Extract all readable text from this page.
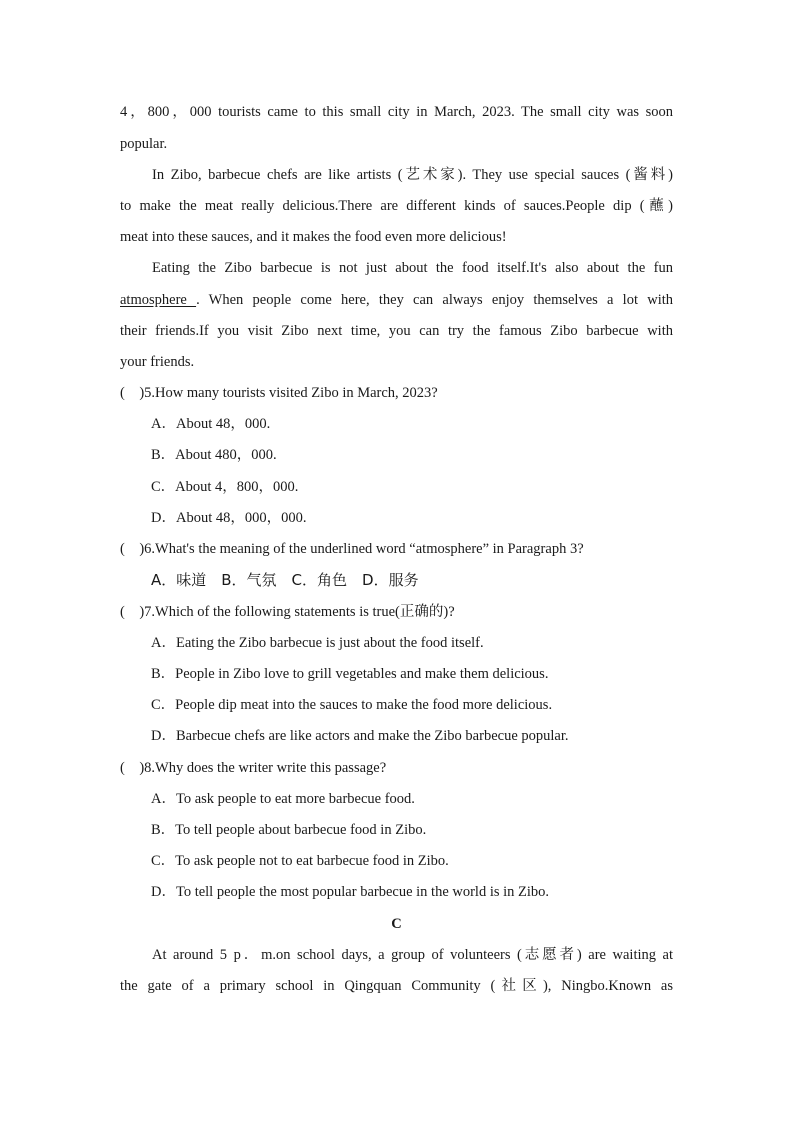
4，800，000 tourists came to this small city in March, 2023. The small city was soon
popular.
In Zibo, barbecue chefs are like artists (艺术家). They use special sauces (酱料)
to make the meat really delicious.There are different kinds of sauces.People dip (蘸)
meat into these sauces, and it makes the food even more delicious!
Eating the Zibo barbecue is not just about the food itself.It's also about the fun
atmosphere . When people come here, they can always enjoy themselves a lot with
their friends.If you visit Zibo next time, you can try the famous Zibo barbecue with
your friends.
(　)5.How many tourists visited Zibo in March, 2023?
A．About 48，000.
B．About 480，000.
C．About 4，800，000.
D．About 48，000，000.
(　)6.What's the meaning of the underlined word “atmosphere” in Paragraph 3?
A．味道　B．气氛　C．角色　D．服务
(　)7.Which of the following statements is true(正确的)?
A．Eating the Zibo barbecue is just about the food itself.
B．People in Zibo love to grill vegetables and make them delicious.
C．People dip meat into the sauces to make the food more delicious.
D．Barbecue chefs are like actors and make the Zibo barbecue popular.
(　)8.Why does the writer write this passage?
A．To ask people to eat more barbecue food.
B．To tell people about barbecue food in Zibo.
C．To ask people not to eat barbecue food in Zibo.
D．To tell people the most popular barbecue in the world is in Zibo.
C
At around 5 p．m.on school days, a group of volunteers (志愿者) are waiting at
the gate of a primary school in Qingquan Community (社区), Ningbo.Known as
